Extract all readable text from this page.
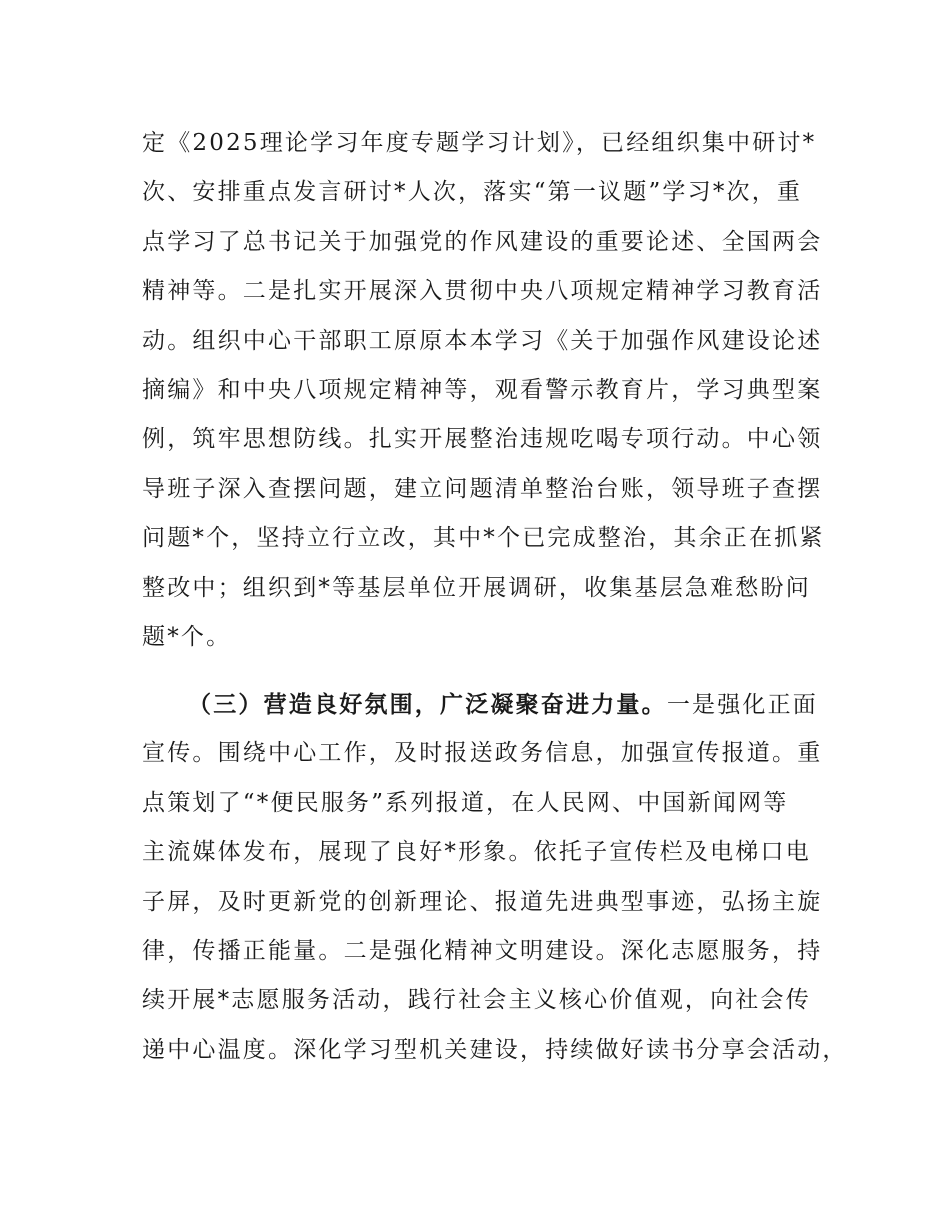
定《2025理论学习年度专题学习计划》，已经组织集中研讨*
次、安排重点发言研讨*人次，落实“第一议题”学习*次，重
点学习了总书记关于加强党的作风建设的重要论述、全国两会
精神等。二是扎实开展深入贯彻中央八项规定精神学习教育活
动。组织中心干部职工原原本本学习《关于加强作风建设论述
摘编》和中央八项规定精神等，观看警示教育片，学习典型案
例，筑牢思想防线。扎实开展整治违规吃喝专项行动。中心领
导班子深入查摆问题，建立问题清单整治台账，领导班子查摆
问题*个，坚持立行立改，其中*个已完成整治，其余正在抓紧
整改中；组织到*等基层单位开展调研，收集基层急难愁盼问
题*个。
（三）营造良好氛围，广泛凝聚奋进力量。一是强化正面
宣传。围绕中心工作，及时报送政务信息，加强宣传报道。重
点策划了“*便民服务”系列报道，在人民网、中国新闻网等
主流媒体发布，展现了良好*形象。依托子宣传栏及电梯口电
子屏，及时更新党的创新理论、报道先进典型事迹，弘扬主旋
律，传播正能量。二是强化精神文明建设。深化志愿服务，持
续开展*志愿服务活动，践行社会主义核心价值观，向社会传
递中心温度。深化学习型机关建设，持续做好读书分享会活动，
